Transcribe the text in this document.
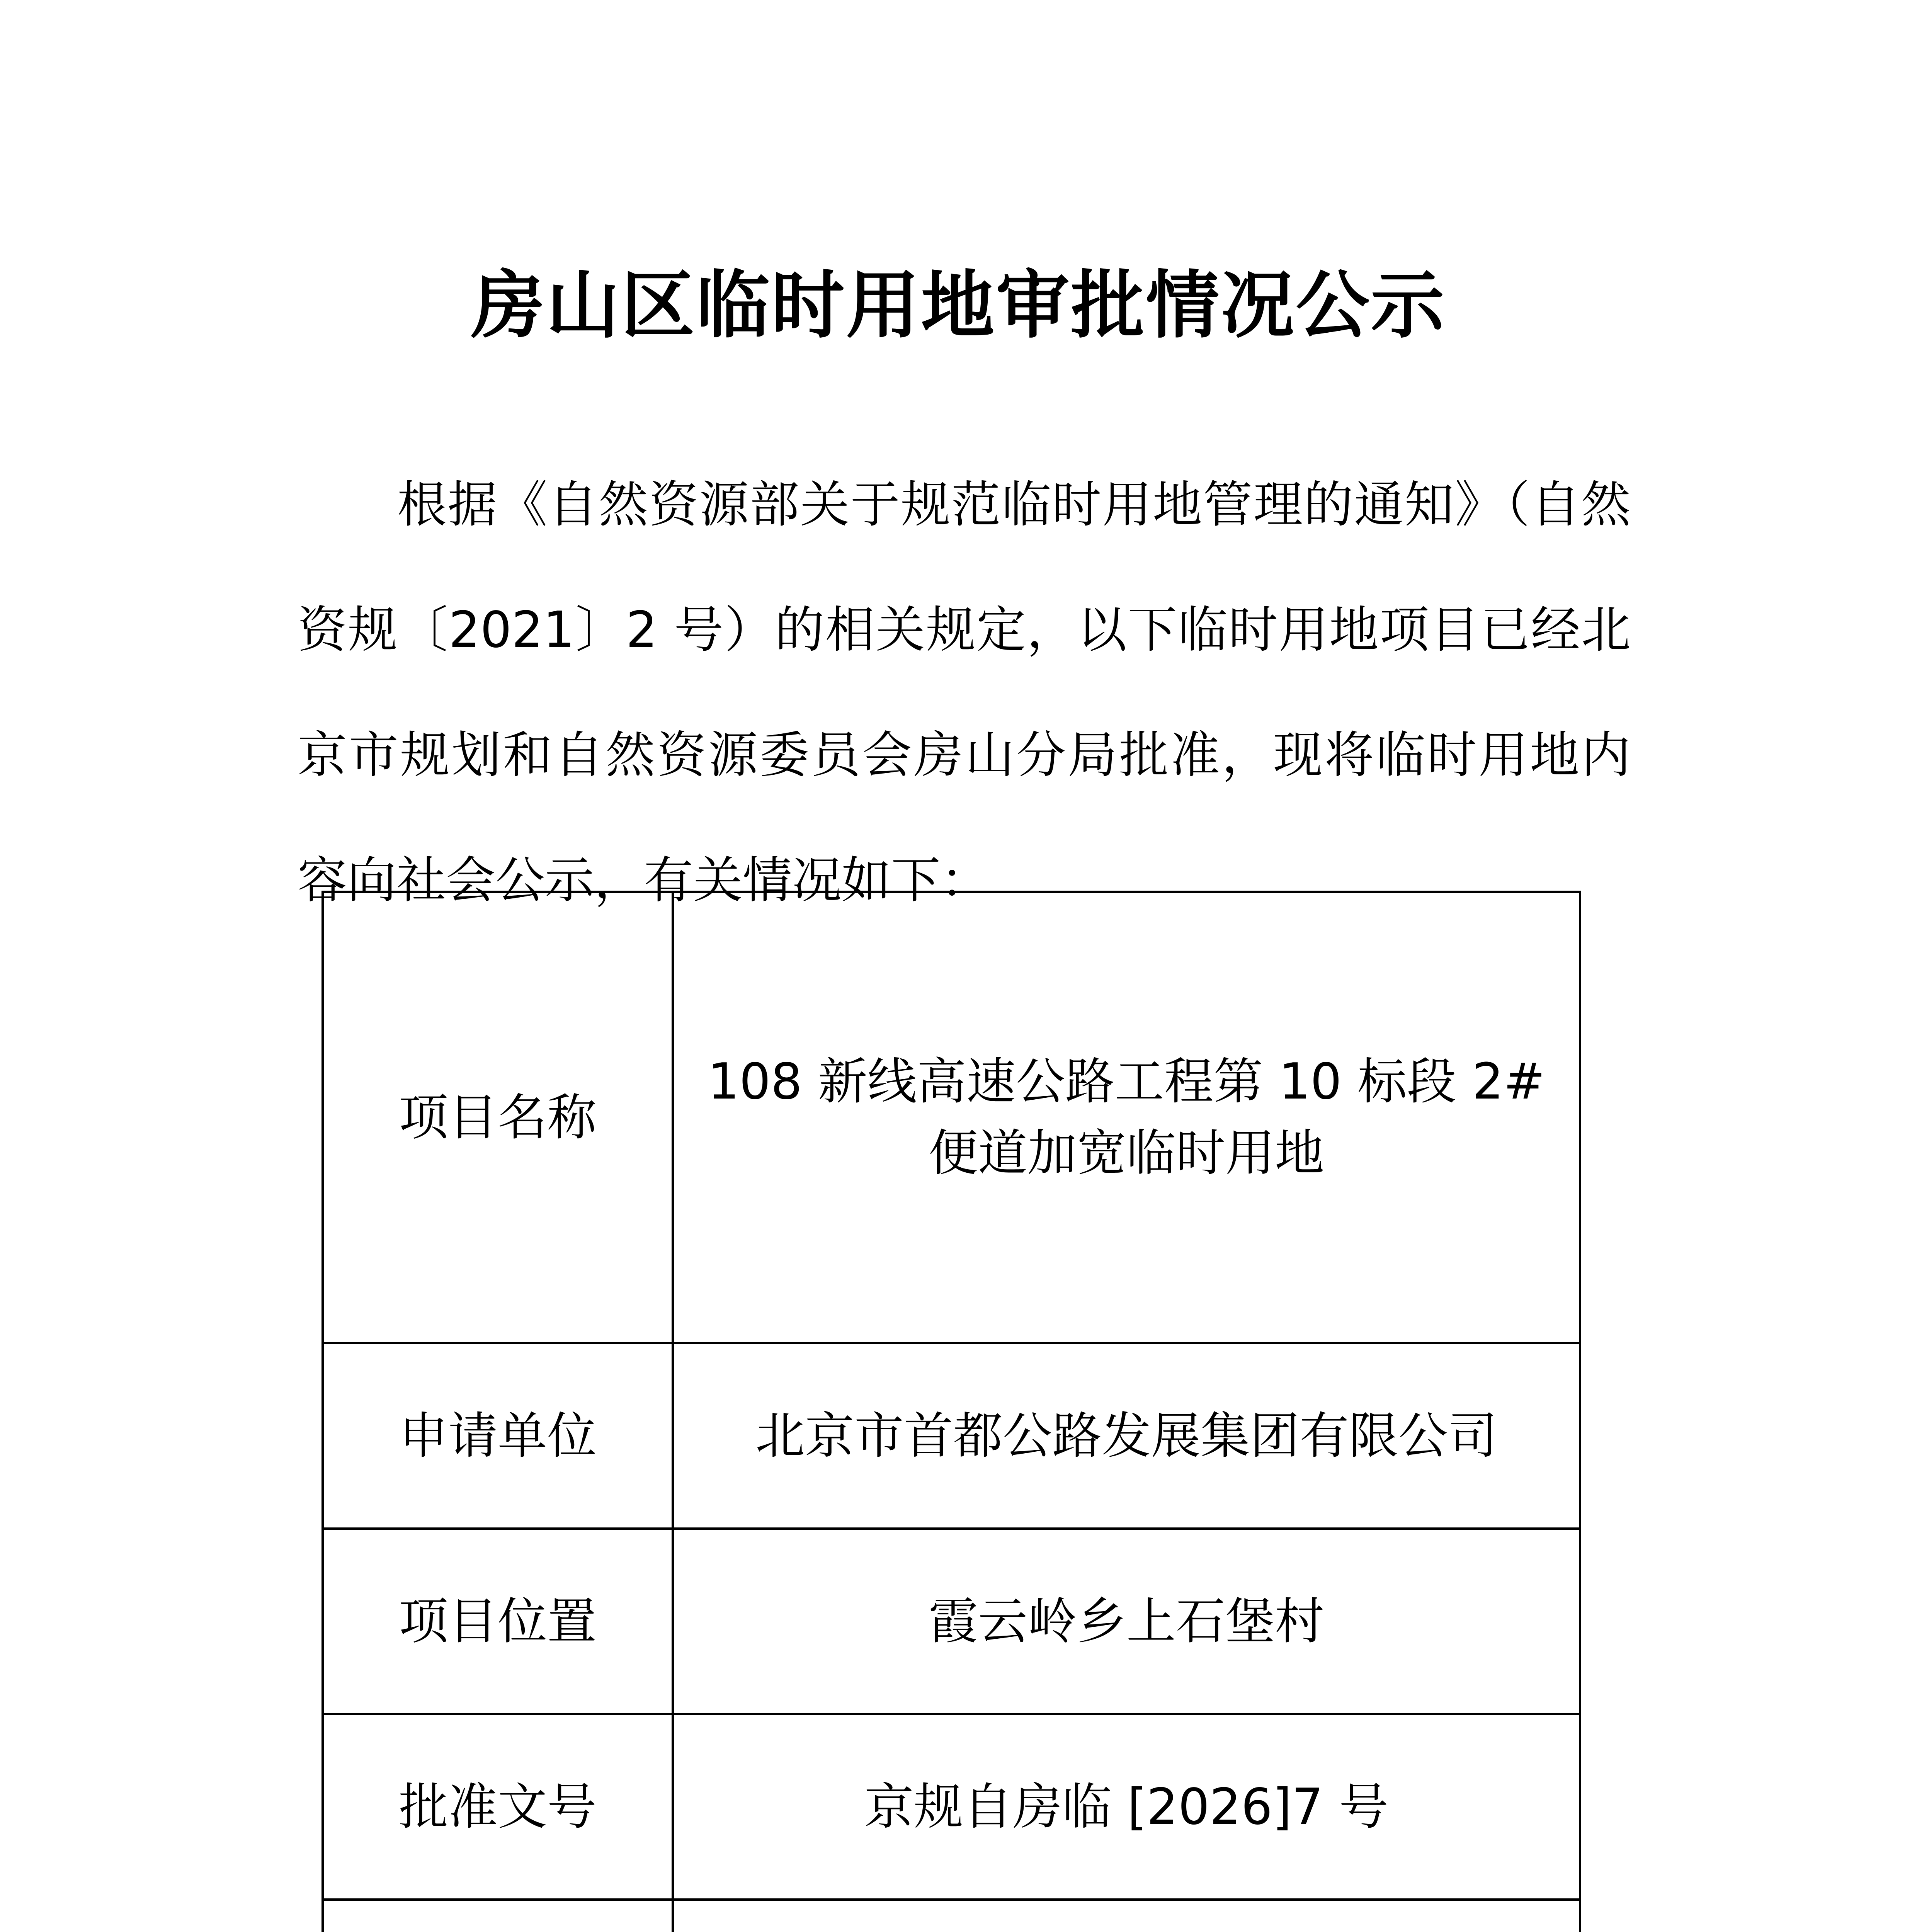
房山区临时用地审批情况公示

根据《自然资源部关于规范临时用地管理的通知》（自然资规〔2021〕2 号）的相关规定，以下临时用地项目已经北京市规划和自然资源委员会房山分局批准，现将临时用地内容向社会公示，有关情况如下：

项目名称	108 新线高速公路工程第 10 标段 2#便道加宽临时用地
申请单位	北京市首都公路发展集团有限公司
项目位置	霞云岭乡上石堡村
批准文号	京规自房临 [2026]7 号
